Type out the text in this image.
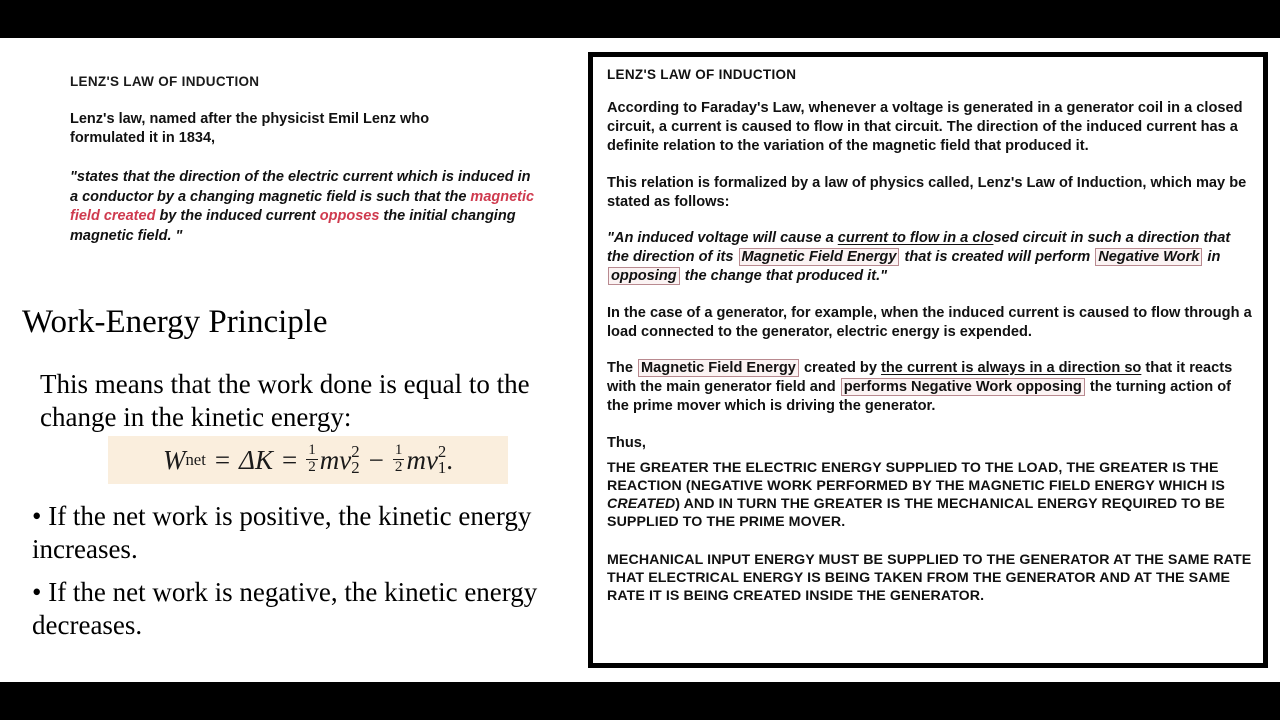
LENZ'S LAW OF INDUCTION
Lenz's law, named after the physicist Emil Lenz who formulated it in 1834,
"states that the direction of the electric current which is induced in a conductor by a changing magnetic field is such that the magnetic field created by the induced current opposes the initial changing magnetic field. "
Work-Energy Principle
This means that the work done is equal to the change in the kinetic energy:
W net = $\Delta K = \frac{1}{2}$ m v 2
$2 - \frac{1}{2}$ m v 2
1 .
• If the net work is positive, the kinetic energy increases.
• If the net work is negative, the kinetic energy decreases.
LENZ'S LAW OF INDUCTION
According to Faraday's Law, whenever a voltage is generated in a generator coil in a closed circuit, a current is caused to flow in that circuit. The direction of the induced current has a definite relation to the variation of the magnetic field that produced it.
This relation is formalized by a law of physics called, Lenz's Law of Induction, which may be stated as follows:
"An induced voltage will cause a current to flow in a closed circuit in such a direction that the direction of its Magnetic Field Energy that is created will perform Negative Work in opposing the change that produced it."
In the case of a generator, for example, when the induced current is caused to flow through a load connected to the generator, electric energy is expended.
The Magnetic Field Energy created by the current is always in a direction so that it reacts with the main generator field and performs Negative Work opposing the turning action of the prime mover which is driving the generator.
Thus,
THE GREATER THE ELECTRIC ENERGY SUPPLIED TO THE LOAD, THE GREATER IS THE REACTION (NEGATIVE WORK PERFORMED BY THE MAGNETIC FIELD ENERGY WHICH IS CREATED) AND IN TURN THE GREATER IS THE MECHANICAL ENERGY REQUIRED TO BE SUPPLIED TO THE PRIME MOVER.
MECHANICAL INPUT ENERGY MUST BE SUPPLIED TO THE GENERATOR AT THE SAME RATE THAT ELECTRICAL ENERGY IS BEING TAKEN FROM THE GENERATOR AND AT THE SAME RATE IT IS BEING CREATED INSIDE THE GENERATOR.
